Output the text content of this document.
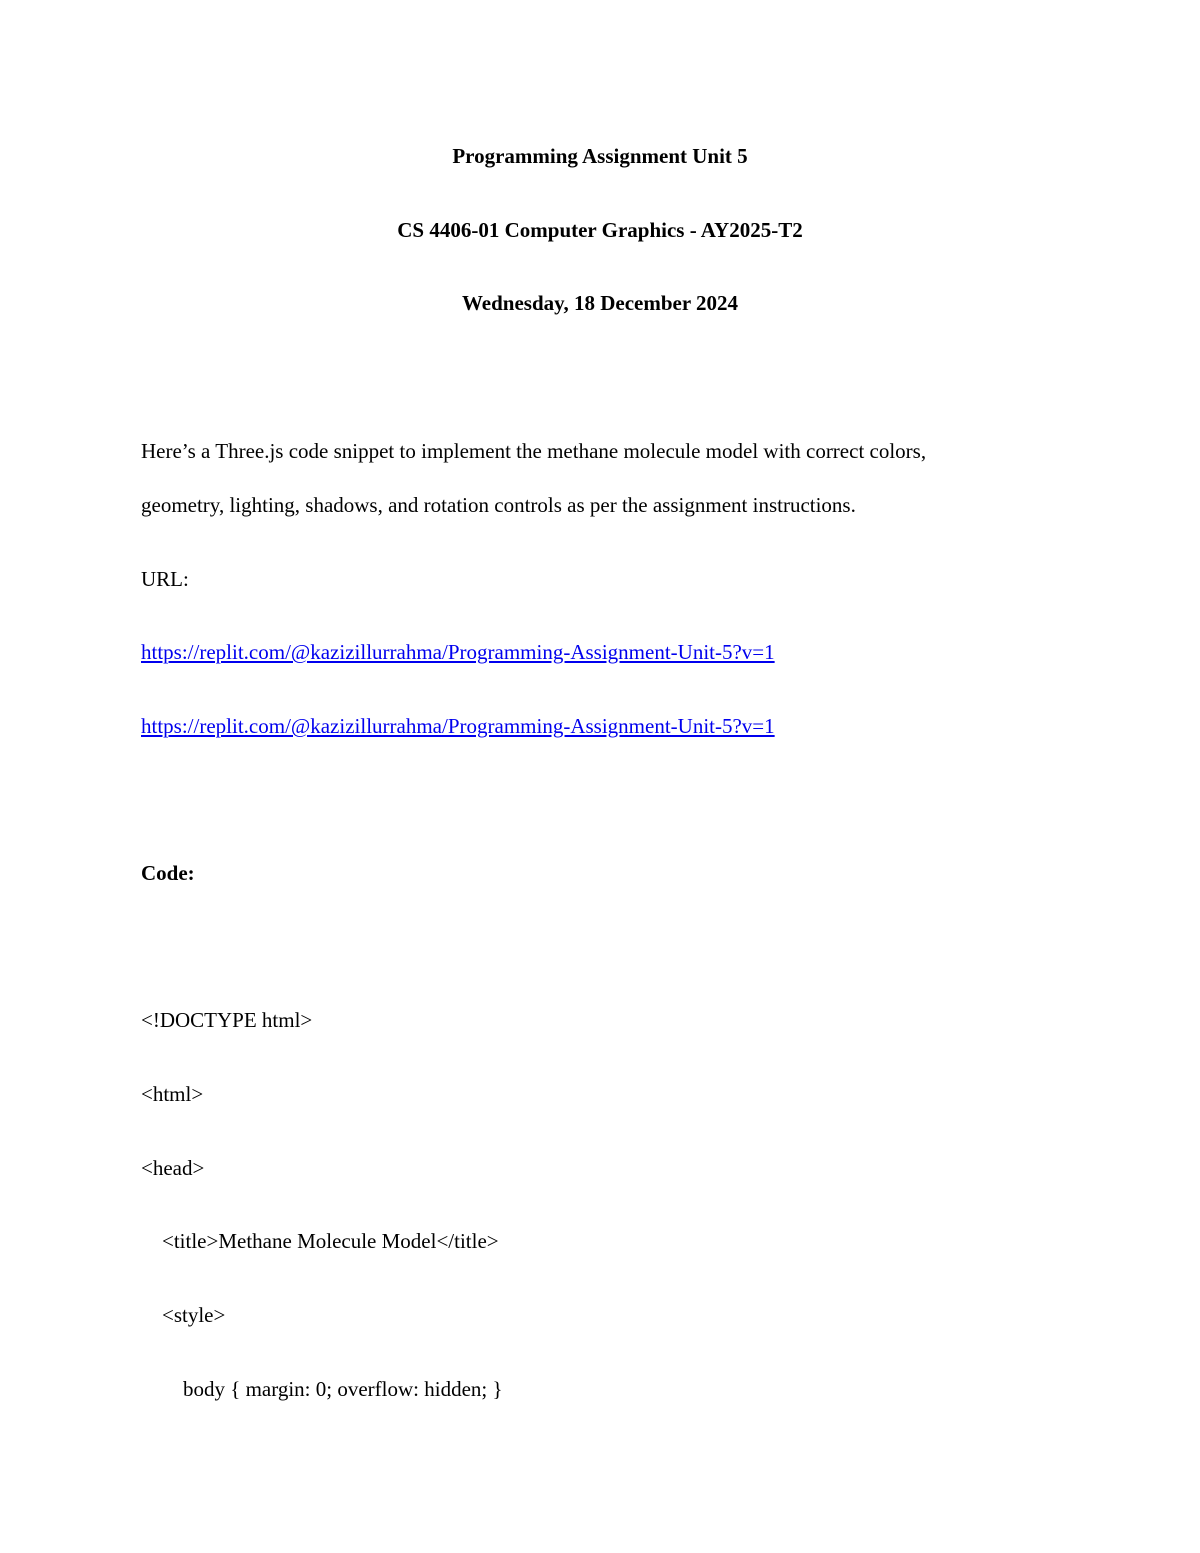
Programming Assignment Unit 5
CS 4406-01 Computer Graphics - AY2025-T2
Wednesday, 18 December 2024
Here’s a Three.js code snippet to implement the methane molecule model with correct colors,
geometry, lighting, shadows, and rotation controls as per the assignment instructions.
URL:
https://replit.com/@kazizillurrahma/Programming-Assignment-Unit-5?v=1
https://replit.com/@kazizillurrahma/Programming-Assignment-Unit-5?v=1
Code:
<!DOCTYPE html>
<html>
<head>
<title>Methane Molecule Model</title>
<style>
body { margin: 0; overflow: hidden; }
